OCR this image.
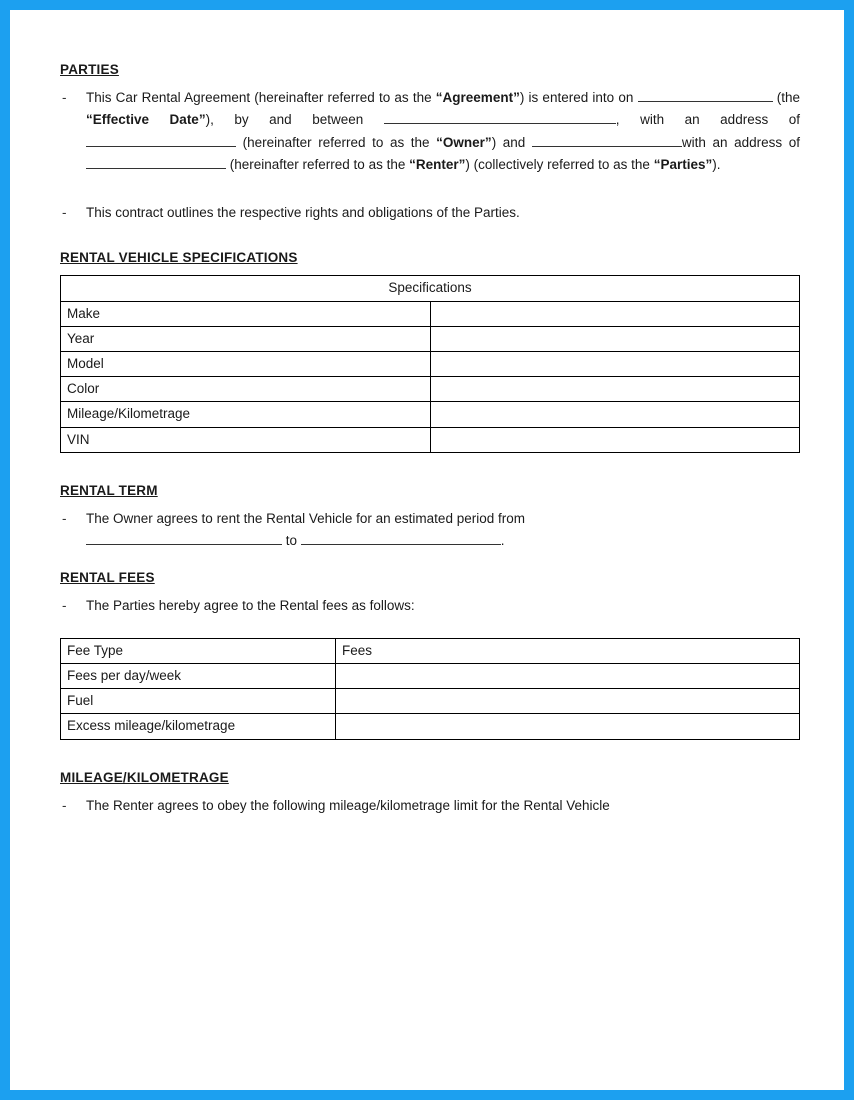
PARTIES
-	This Car Rental Agreement (hereinafter referred to as the “Agreement”) is entered into on	(the “Effective Date”), by and between	, with an address of  (hereinafter referred to as the “Owner”) and	with an address of  (hereinafter referred to as the “Renter”) (collectively referred to as the “Parties”).
-	This contract outlines the respective rights and obligations of the Parties.
RENTAL VEHICLE SPECIFICATIONS
Specifications	
Make	
Year	
Model	
Color	
Mileage/Kilometrage	
VIN	
RENTAL TERM
-	The Owner agrees to rent the Rental Vehicle for an estimated period from
to	.
RENTAL FEES
-	The Parties hereby agree to the Rental fees as follows:
Fee Type	Fees
Fees per day/week	
Fuel	
Excess mileage/kilometrage	
MILEAGE/KILOMETRAGE
-	The Renter agrees to obey the following mileage/kilometrage limit for the Rental Vehicle
